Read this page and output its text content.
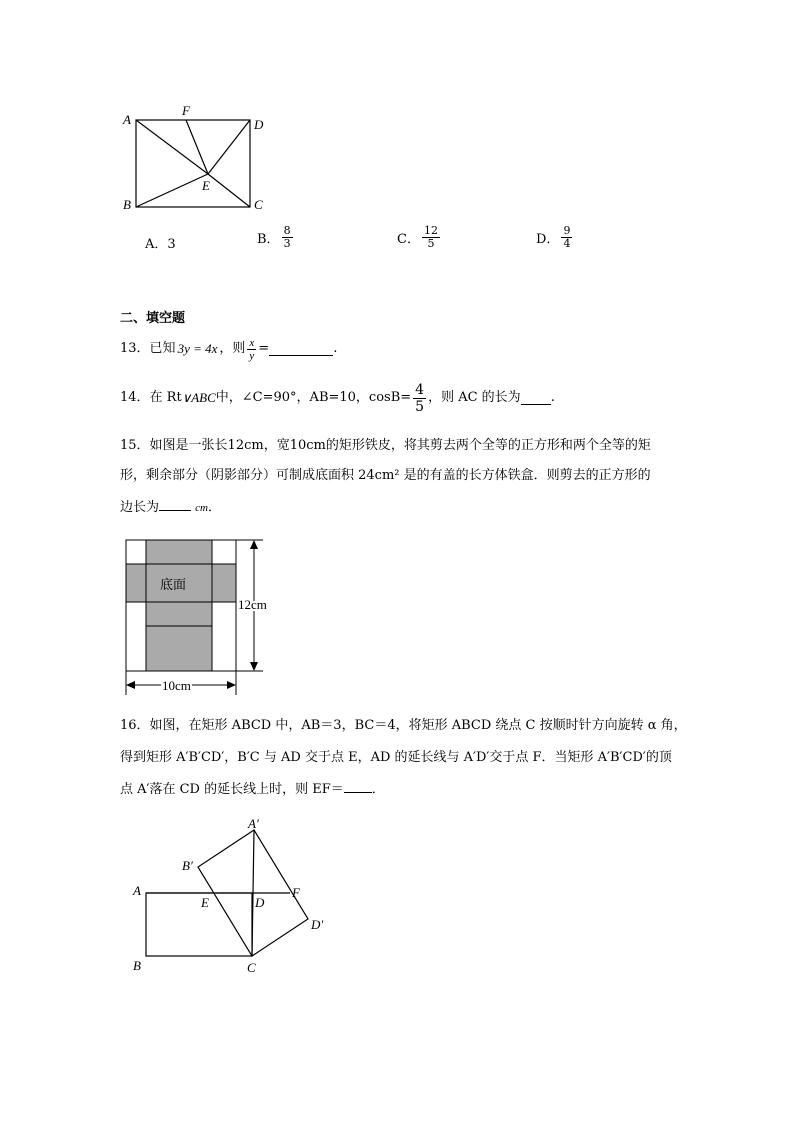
A
F
D
E
B	C
A．3	B． $\frac{8}{3}$	C． $\frac{12}{5}$	D． $\frac{9}{4}$
二、填空题
13． 已知 3y = 4x ，则 $\frac{x}{y}$ =	.
14． 在 Rt ∨ABC 中，∠C=90°，AB=10，$\cos B= \frac{4}{5}$ ，则 AC 的长为 .
15．如图是一张长12cm，宽10cm的矩形铁皮，将其剪去两个全等的正方形和两个全等的矩
形，剩余部分（阴影部分）可制成底面积 24cm² 是的有盖的长方体铁盒．则剪去的正方形的
边长为	cm．
底面
12cm
10cm
16．如图，在矩形 ABCD 中，AB＝3，BC＝4，将矩形 ABCD 绕点 C 按顺时针方向旋转 α 角，
得到矩形 A′B′CD′，B′C 与 AD 交于点 E，AD 的延长线与 A′D′交于点 F．当矩形 A′B′CD′的顶
点 A′落在 CD 的延长线上时，则 EF＝ ．
A′
B′
A
E	D
F
D′
B	C
